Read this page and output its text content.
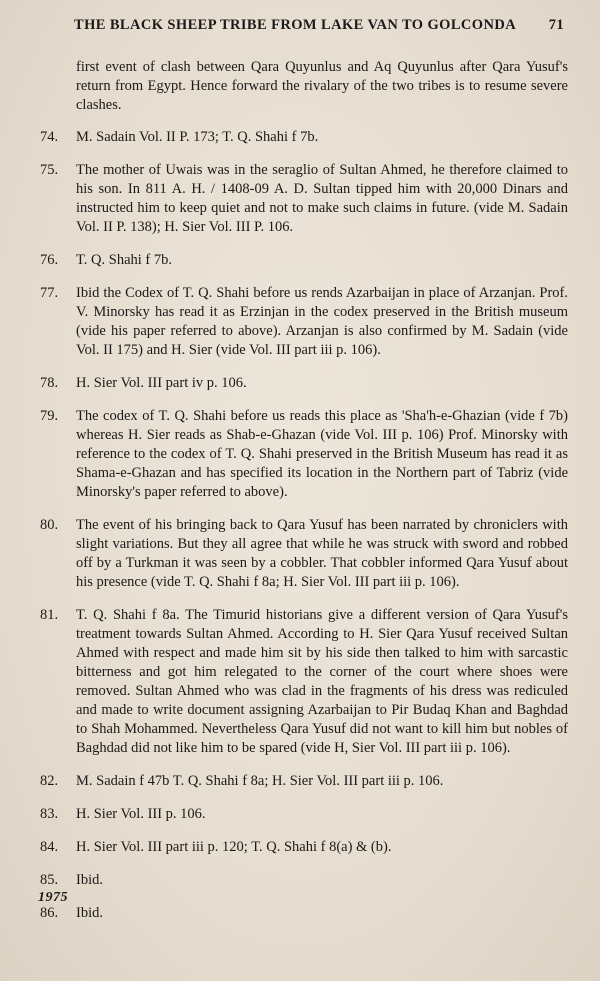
THE BLACK SHEEP TRIBE FROM LAKE VAN TO GOLCONDA 71
first event of clash between Qara Quyunlus and Aq Quyunlus after Qara Yusuf's return from Egypt. Hence forward the rivalary of the two tribes is to resume severe clashes.
74. M. Sadain Vol. II P. 173; T. Q. Shahi f 7b.
75. The mother of Uwais was in the seraglio of Sultan Ahmed, he therefore claimed to his son. In 811 A. H. / 1408-09 A. D. Sultan tipped him with 20,000 Dinars and instructed him to keep quiet and not to make such claims in future. (vide M. Sadain Vol. II P. 138); H. Sier Vol. III P. 106.
76. T. Q. Shahi f 7b.
77. Ibid the Codex of T. Q. Shahi before us rends Azarbaijan in place of Arzanjan. Prof. V. Minorsky has read it as Erzinjan in the codex preserved in the British museum (vide his paper referred to above). Arzanjan is also confirmed by M. Sadain (vide Vol. II 175) and H. Sier (vide Vol. III part iii p. 106).
78. H. Sier Vol. III part iv p. 106.
79. The codex of T. Q. Shahi before us reads this place as 'Sha'h-e-Ghazian (vide f 7b) whereas H. Sier reads as Shab-e-Ghazan (vide Vol. III p. 106) Prof. Minorsky with reference to the codex of T. Q. Shahi preserved in the British Museum has read it as Shama-e-Ghazan and has specified its location in the Northern part of Tabriz (vide Minorsky's paper referred to above).
80. The event of his bringing back to Qara Yusuf has been narrated by chroniclers with slight variations. But they all agree that while he was struck with sword and robbed off by a Turkman it was seen by a cobbler. That cobbler informed Qara Yusuf about his presence (vide T. Q. Shahi f 8a; H. Sier Vol. III part iii p. 106).
81. T. Q. Shahi f 8a. The Timurid historians give a different version of Qara Yusuf's treatment towards Sultan Ahmed. According to H. Sier Qara Yusuf received Sultan Ahmed with respect and made him sit by his side then talked to him with sarcastic bitterness and got him relegated to the corner of the court where shoes were removed. Sultan Ahmed who was clad in the fragments of his dress was rediculed and made to write document assigning Azarbaijan to Pir Budaq Khan and Baghdad to Shah Mohammed. Nevertheless Qara Yusuf did not want to kill him but nobles of Baghdad did not like him to be spared (vide H, Sier Vol. III part iii p. 106).
82. M. Sadain f 47b T. Q. Shahi f 8a; H. Sier Vol. III part iii p. 106.
83. H. Sier Vol. III p. 106.
84. H. Sier Vol. III part iii p. 120; T. Q. Shahi f 8(a) & (b).
85. Ibid.
86. Ibid.
1975
